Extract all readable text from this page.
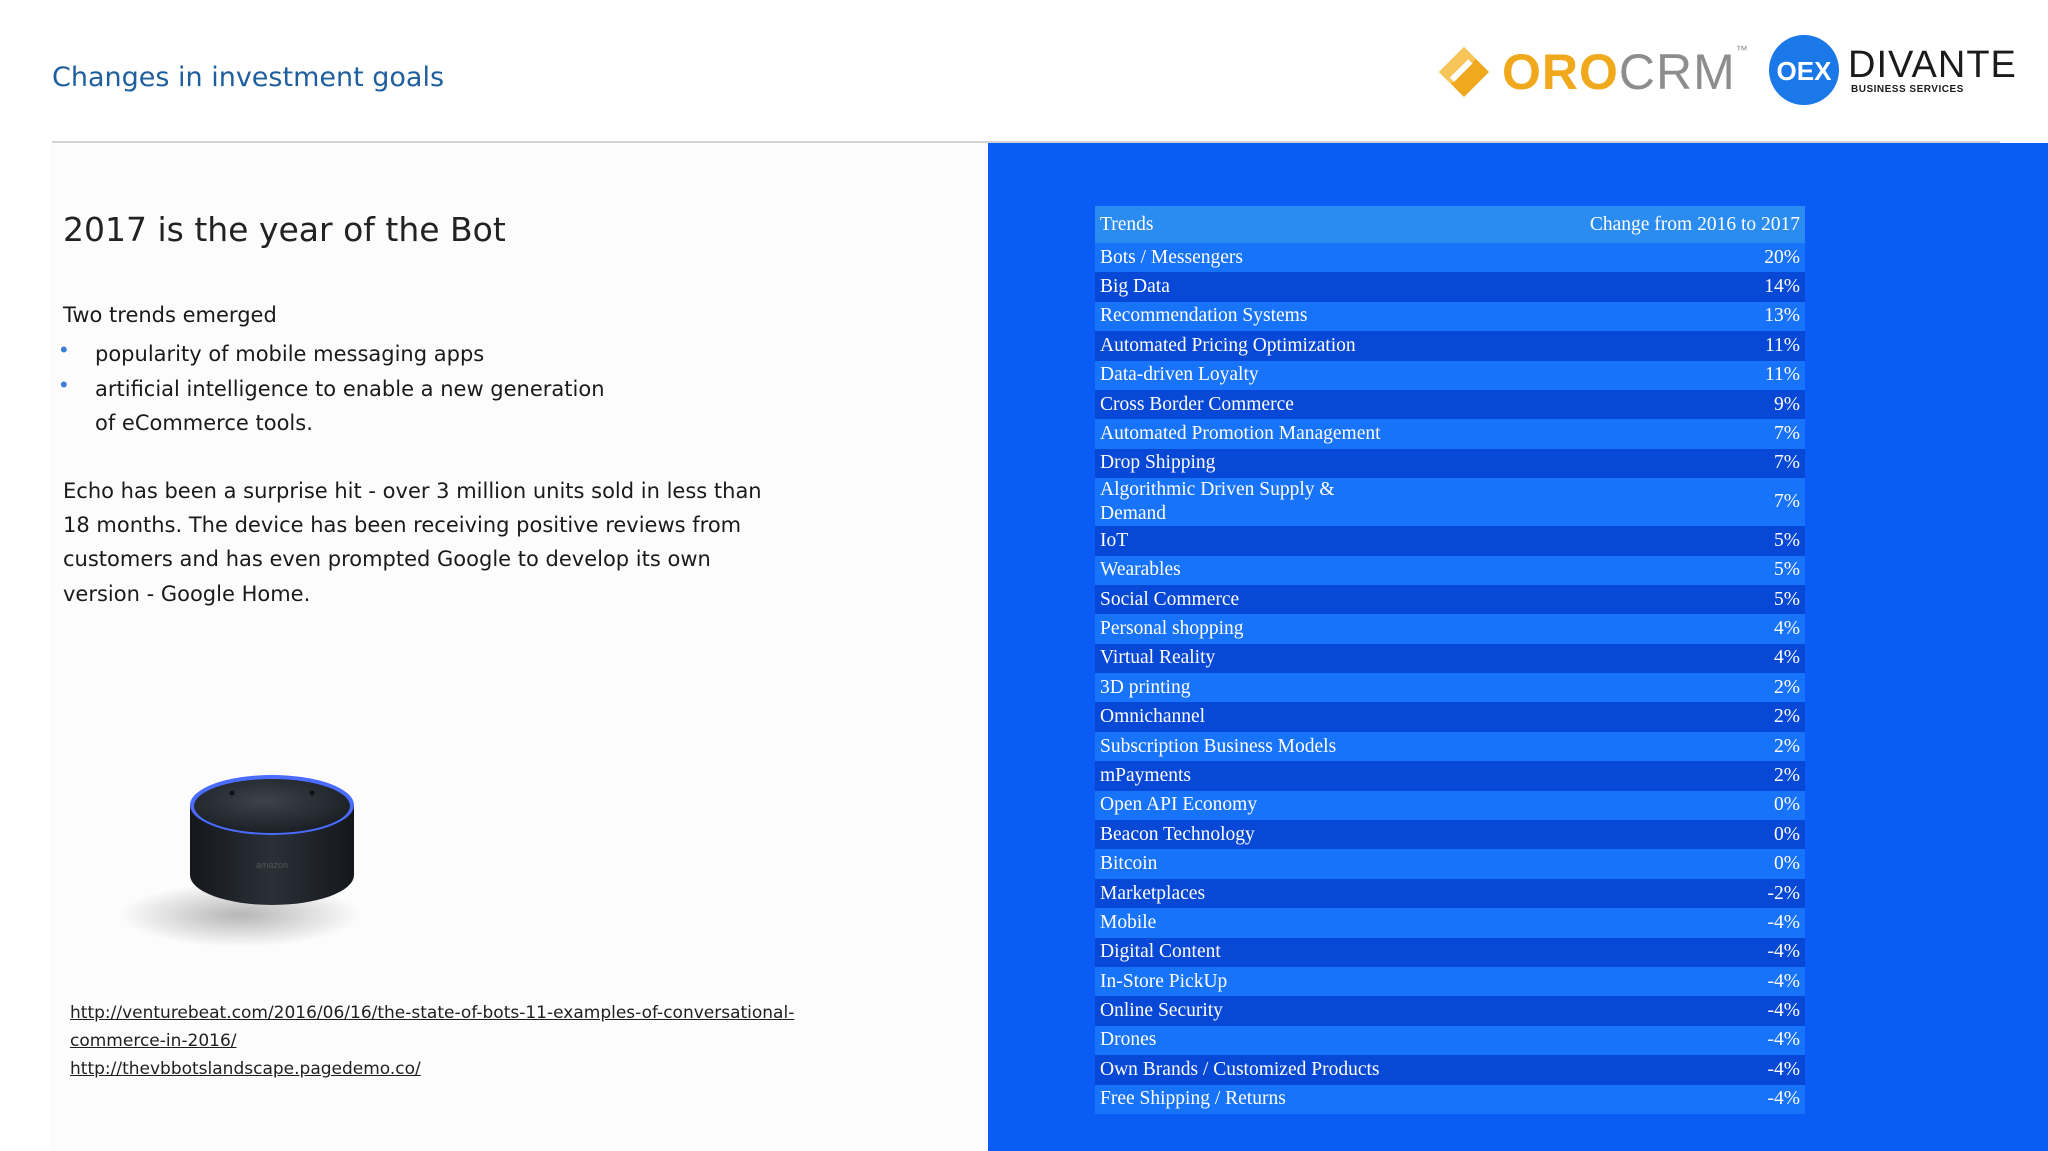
Changes in investment goals	OROCRM™
OEX DIVANTE
BUSINESS SERVICES
2017 is the year of the Bot
Two trends emerged
• popularity of mobile messaging apps
• artificial intelligence to enable a new generation
of eCommerce tools.
Echo has been a surprise hit - over 3 million units sold in less than
18 months. The device has been receiving positive reviews from
customers and has even prompted Google to develop its own
version - Google Home.
amazon
http://venturebeat.com/2016/06/16/the-state-of-bots-11-examples-of-conversational-
commerce-in-2016/
http://thevbbotslandscape.pagedemo.co/
Trends	Change from 2016 to 2017
Bots / Messengers	20%
Big Data	14%
Recommendation Systems	13%
Automated Pricing Optimization	11%
Data-driven Loyalty	11%
Cross Border Commerce	9%
Automated Promotion Management	7%
Drop Shipping	7%
Algorithmic Driven Supply &
Demand	7%
IoT	5%
Wearables	5%
Social Commerce	5%
Personal shopping	4%
Virtual Reality	4%
3D printing	2%
Omnichannel	2%
Subscription Business Models	2%
mPayments	2%
Open API Economy	0%
Beacon Technology	0%
Bitcoin	0%
Marketplaces	-2%
Mobile	-4%
Digital Content	-4%
In-Store PickUp	-4%
Online Security	-4%
Drones	-4%
Own Brands / Customized Products	-4%
Free Shipping / Returns	-4%
